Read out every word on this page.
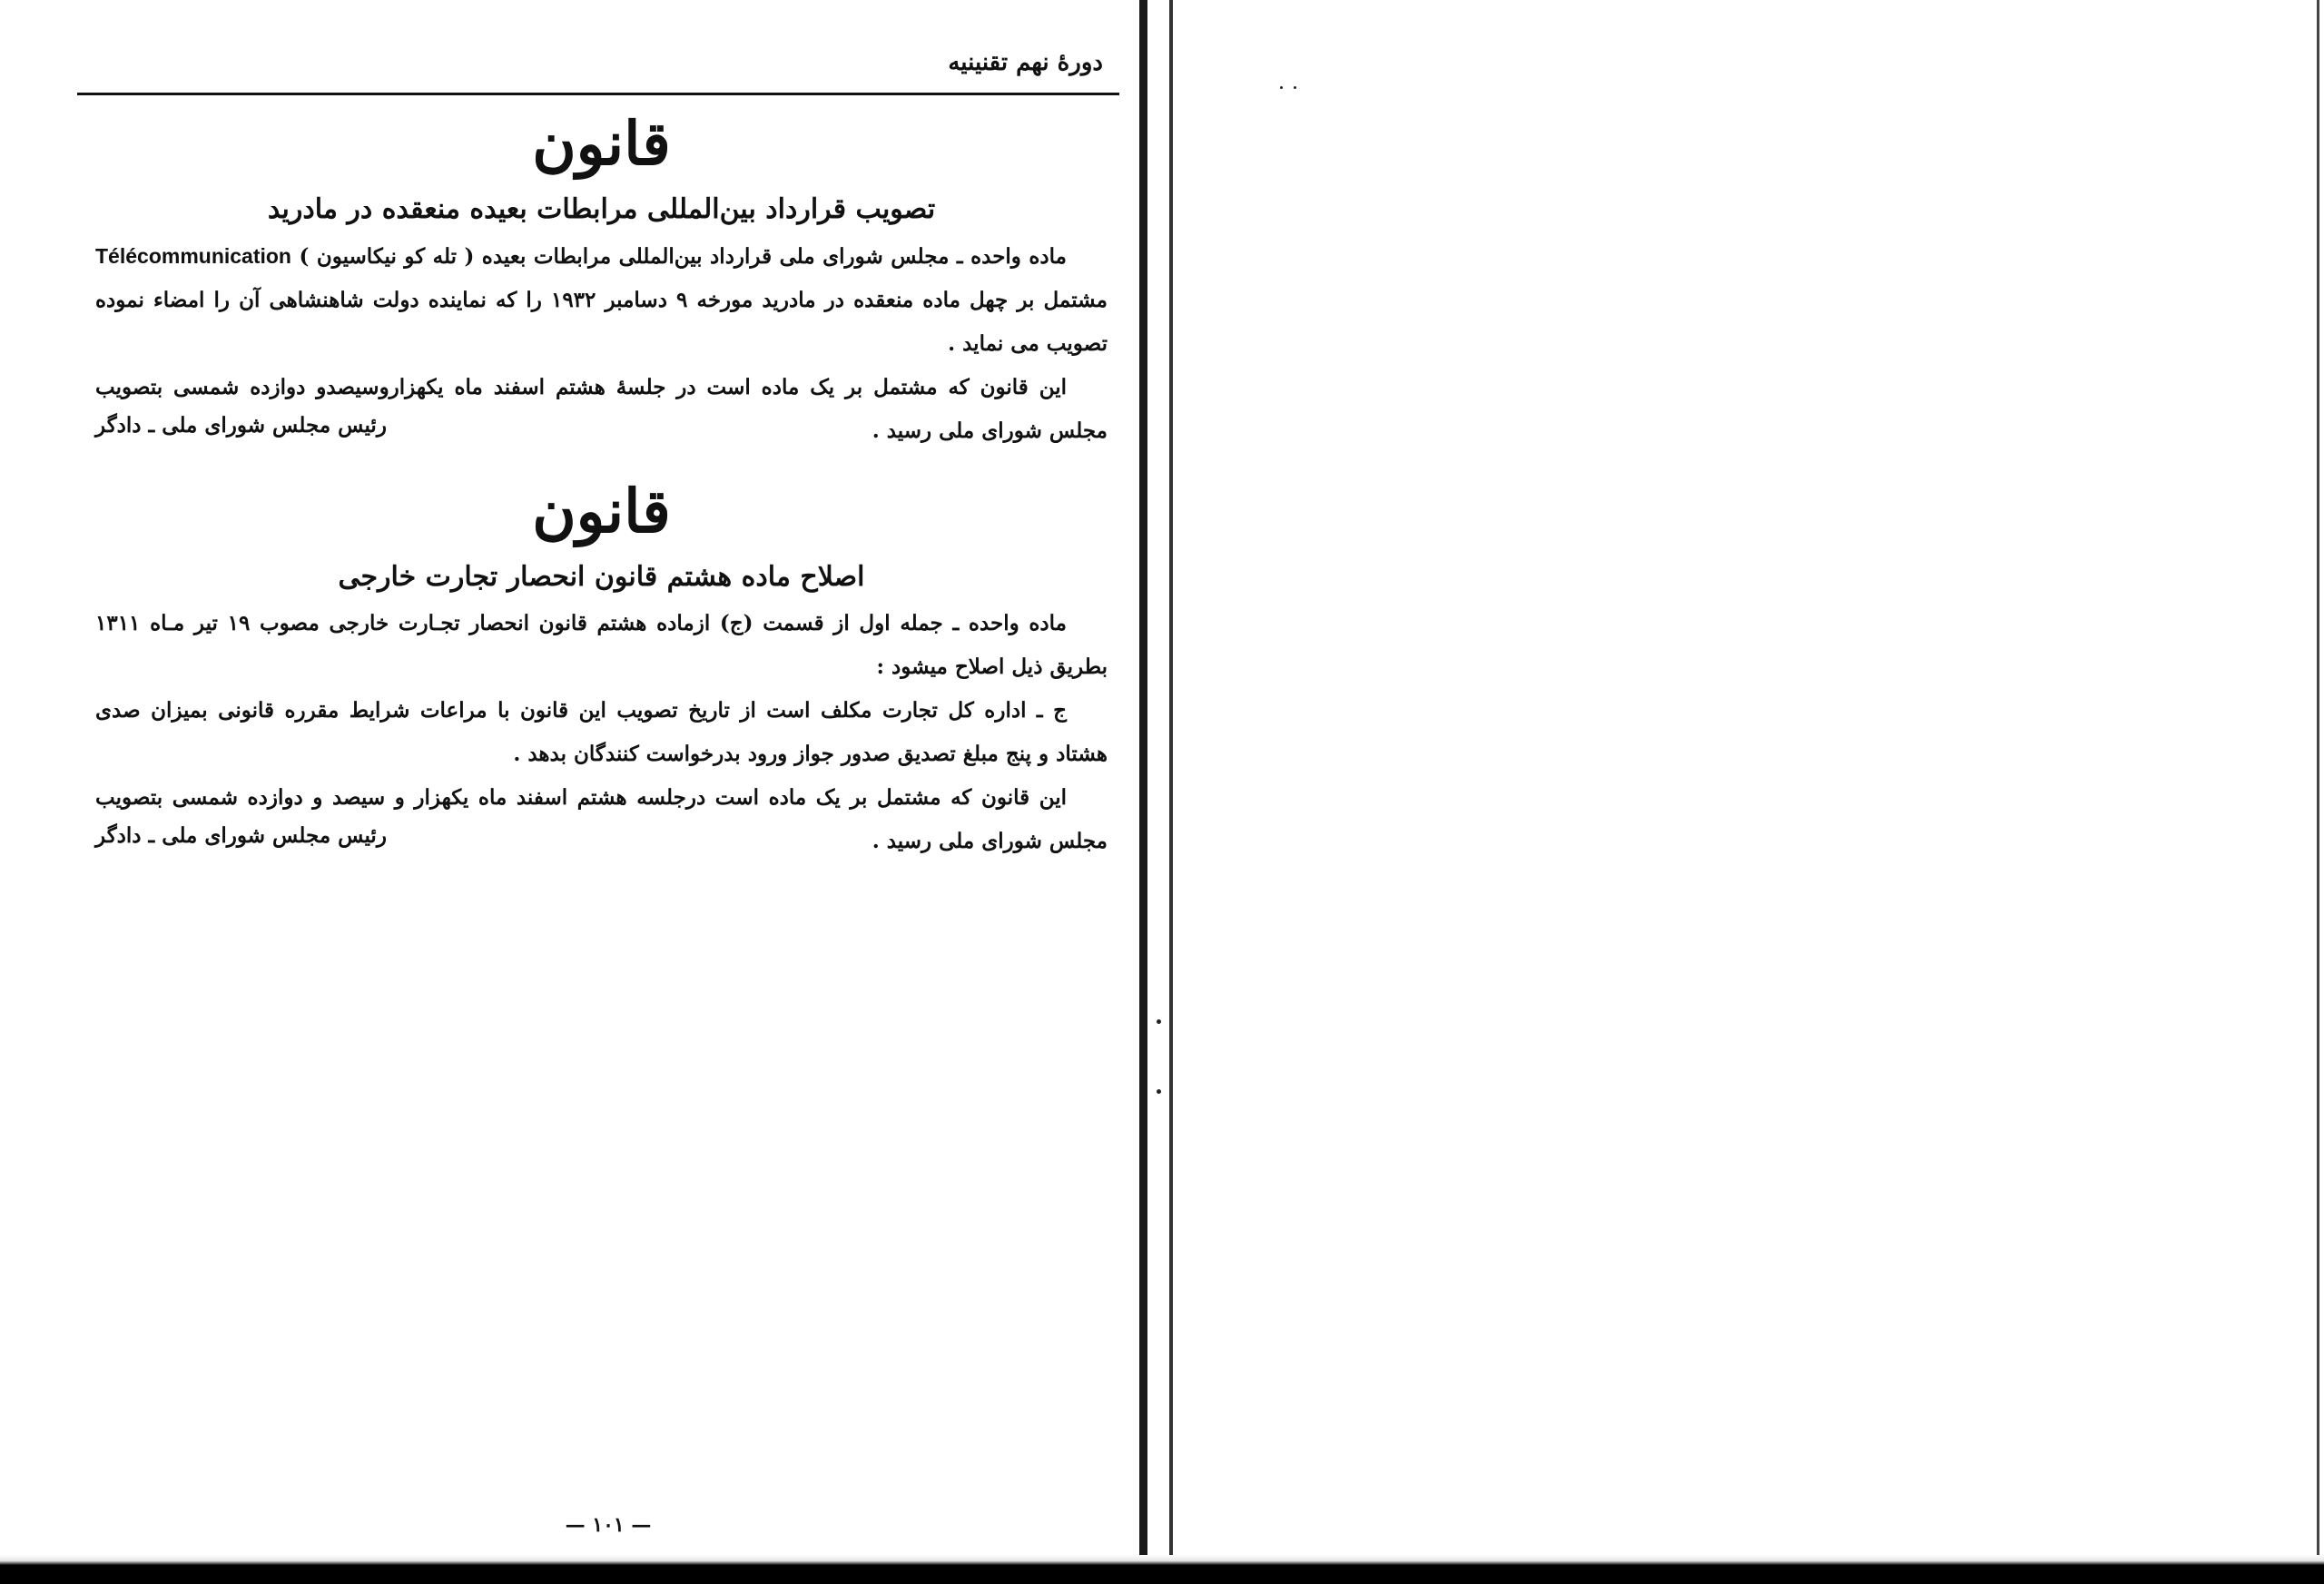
دورهٔ نهم تقنینیه
قانون
تصویب قرارداد بین‌المللی مرابطات بعیده منعقده در مادرید
ماده واحده ـ مجلس شورای ملی قرارداد بین‌المللی مرابطات بعیده ( تله کو نیکاسیون ) Télécommunication مشتمل بر چهل ماده منعقده در مادرید مورخه ۹ دسامبر ۱۹۳۲ را که نماینده دولت شاهنشاهی آن را امضاء نموده تصویب می نماید .
این قانون که مشتمل بر یک ماده است در جلسهٔ هشتم اسفند ماه یکهزاروسیصدو دوازده شمسی بتصویب مجلس شورای ملی رسید .
رئیس مجلس شورای ملی ـ دادگر
قانون
اصلاح ماده هشتم قانون انحصار تجارت خارجی
ماده واحده ـ جمله اول از قسمت (ج) ازماده هشتم قانون انحصار تجـارت خارجی مصوب ۱۹ تیر مـاه ۱۳۱۱ بطریق ذیل اصلاح میشود :
ج ـ اداره کل تجارت مکلف است از تاریخ تصویب این قانون با مراعات شرایط مقرره قانونی بمیزان صدی هشتاد و پنج مبلغ تصدیق صدور جواز ورود بدرخواست کنندگان بدهد .
این قانون که مشتمل بر یک ماده است درجلسه هشتم اسفند ماه یکهزار و سیصد و دوازده شمسی بتصویب مجلس شورای ملی رسید .
رئیس مجلس شورای ملی ـ دادگر
— ۱۰۱ —
